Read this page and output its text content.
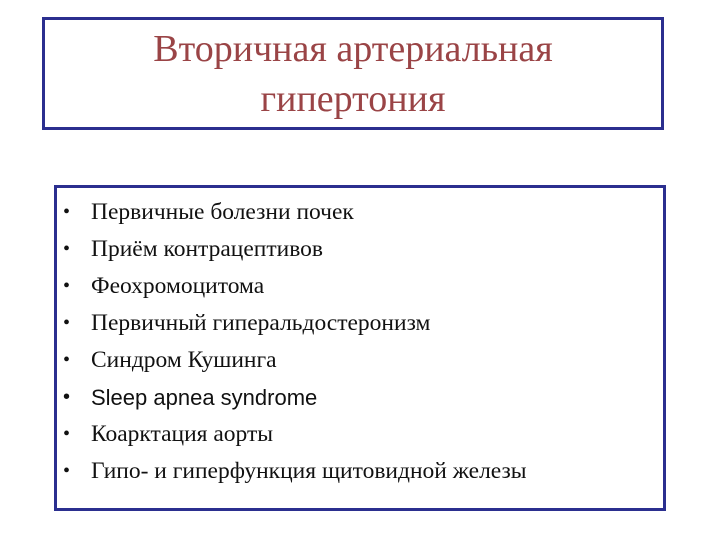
Вторичная артериальная
гипертония
• Первичные болезни почек
• Приём контрацептивов
• Феохромоцитома
• Первичный гиперальдостеронизм
• Синдром Кушинга
• Sleep apnea syndrome
• Коарктация аорты
• Гипо- и гиперфункция щитовидной железы
